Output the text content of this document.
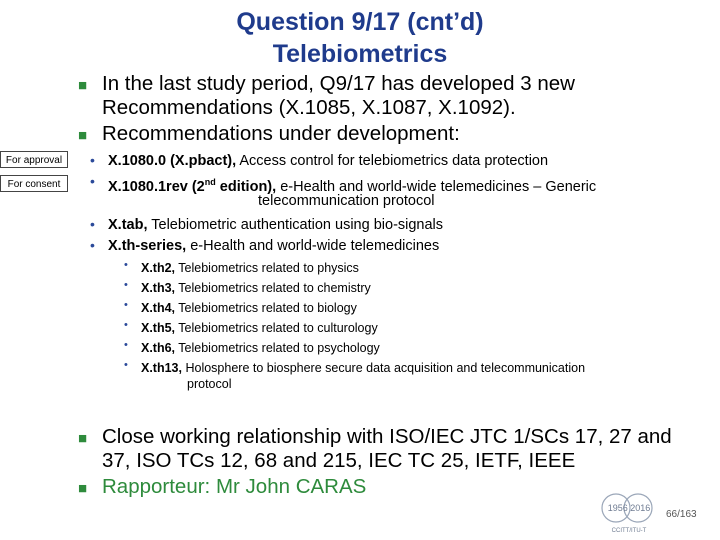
Question 9/17 (cnt’d)
Telebiometrics
■ In the last study period, Q9/17 has developed 3 new
Recommendations (X.1085, X.1087, X.1092).
■ Recommendations under development:
For approval
For consent
• X.1080.0 (X.pbact), Access control for telebiometrics data protection
• X.1080.1rev (2nd edition), e-Health and world-wide telemedicines – Generic
telecommunication protocol
• X.tab, Telebiometric authentication using bio-signals
• X.th-series, e-Health and world-wide telemedicines
• X.th2, Telebiometrics related to physics
• X.th3, Telebiometrics related to chemistry
• X.th4, Telebiometrics related to biology
• X.th5, Telebiometrics related to culturology
• X.th6, Telebiometrics related to psychology
• X.th13, Holosphere to biosphere secure data acquisition and telecommunication
protocol
■ Close working relationship with ISO/IEC JTC 1/SCs 17, 27 and
37, ISO TCs 12, 68 and 215, IEC TC 25, IETF, IEEE
■ Rapporteur: Mr John CARAS
1956 2016
CCITT/ITU-T
66/163
